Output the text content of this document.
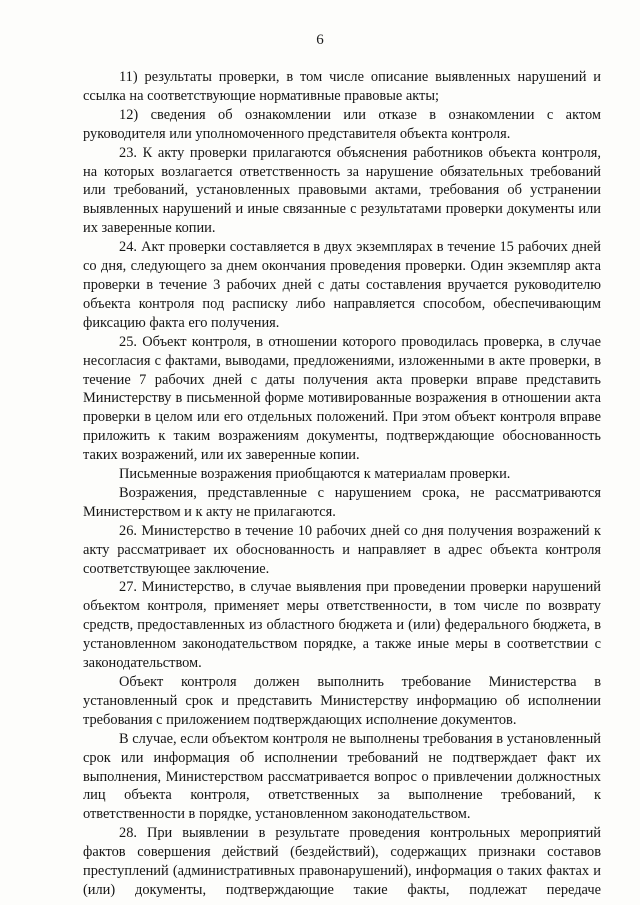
6

11) результаты проверки, в том числе описание выявленных нарушений и ссылка на соответствующие нормативные правовые акты;

12) сведения об ознакомлении или отказе в ознакомлении с актом руководителя или уполномоченного представителя объекта контроля.

23. К акту проверки прилагаются объяснения работников объекта контроля, на которых возлагается ответственность за нарушение обязательных требований или требований, установленных правовыми актами, требования об устранении выявленных нарушений и иные связанные с результатами проверки документы или их заверенные копии.

24. Акт проверки составляется в двух экземплярах в течение 15 рабочих дней со дня, следующего за днем окончания проведения проверки. Один экземпляр акта проверки в течение 3 рабочих дней с даты составления вручается руководителю объекта контроля под расписку либо направляется способом, обеспечивающим фиксацию факта его получения.

25. Объект контроля, в отношении которого проводилась проверка, в случае несогласия с фактами, выводами, предложениями, изложенными в акте проверки, в течение 7 рабочих дней с даты получения акта проверки вправе представить Министерству в письменной форме мотивированные возражения в отношении акта проверки в целом или его отдельных положений. При этом объект контроля вправе приложить к таким возражениям документы, подтверждающие обоснованность таких возражений, или их заверенные копии.

Письменные возражения приобщаются к материалам проверки.

Возражения, представленные с нарушением срока, не рассматриваются Министерством и к акту не прилагаются.

26. Министерство в течение 10 рабочих дней со дня получения возражений к акту рассматривает их обоснованность и направляет в адрес объекта контроля соответствующее заключение.

27. Министерство, в случае выявления при проведении проверки нарушений объектом контроля, применяет меры ответственности, в том числе по возврату средств, предоставленных из областного бюджета и (или) федерального бюджета, в установленном законодательством порядке, а также иные меры в соответствии с законодательством.

Объект контроля должен выполнить требование Министерства в установленный срок и представить Министерству информацию об исполнении требования с приложением подтверждающих исполнение документов.

В случае, если объектом контроля не выполнены требования в установленный срок или информация об исполнении требований не подтверждает факт их выполнения, Министерством рассматривается вопрос о привлечении должностных лиц объекта контроля, ответственных за выполнение требований, к ответственности в порядке, установленном законодательством.

28. При выявлении в результате проведения контрольных мероприятий фактов совершения действий (бездействий), содержащих признаки составов преступлений (административных правонарушений), информация о таких фактах и (или) документы, подтверждающие такие факты, подлежат передаче
